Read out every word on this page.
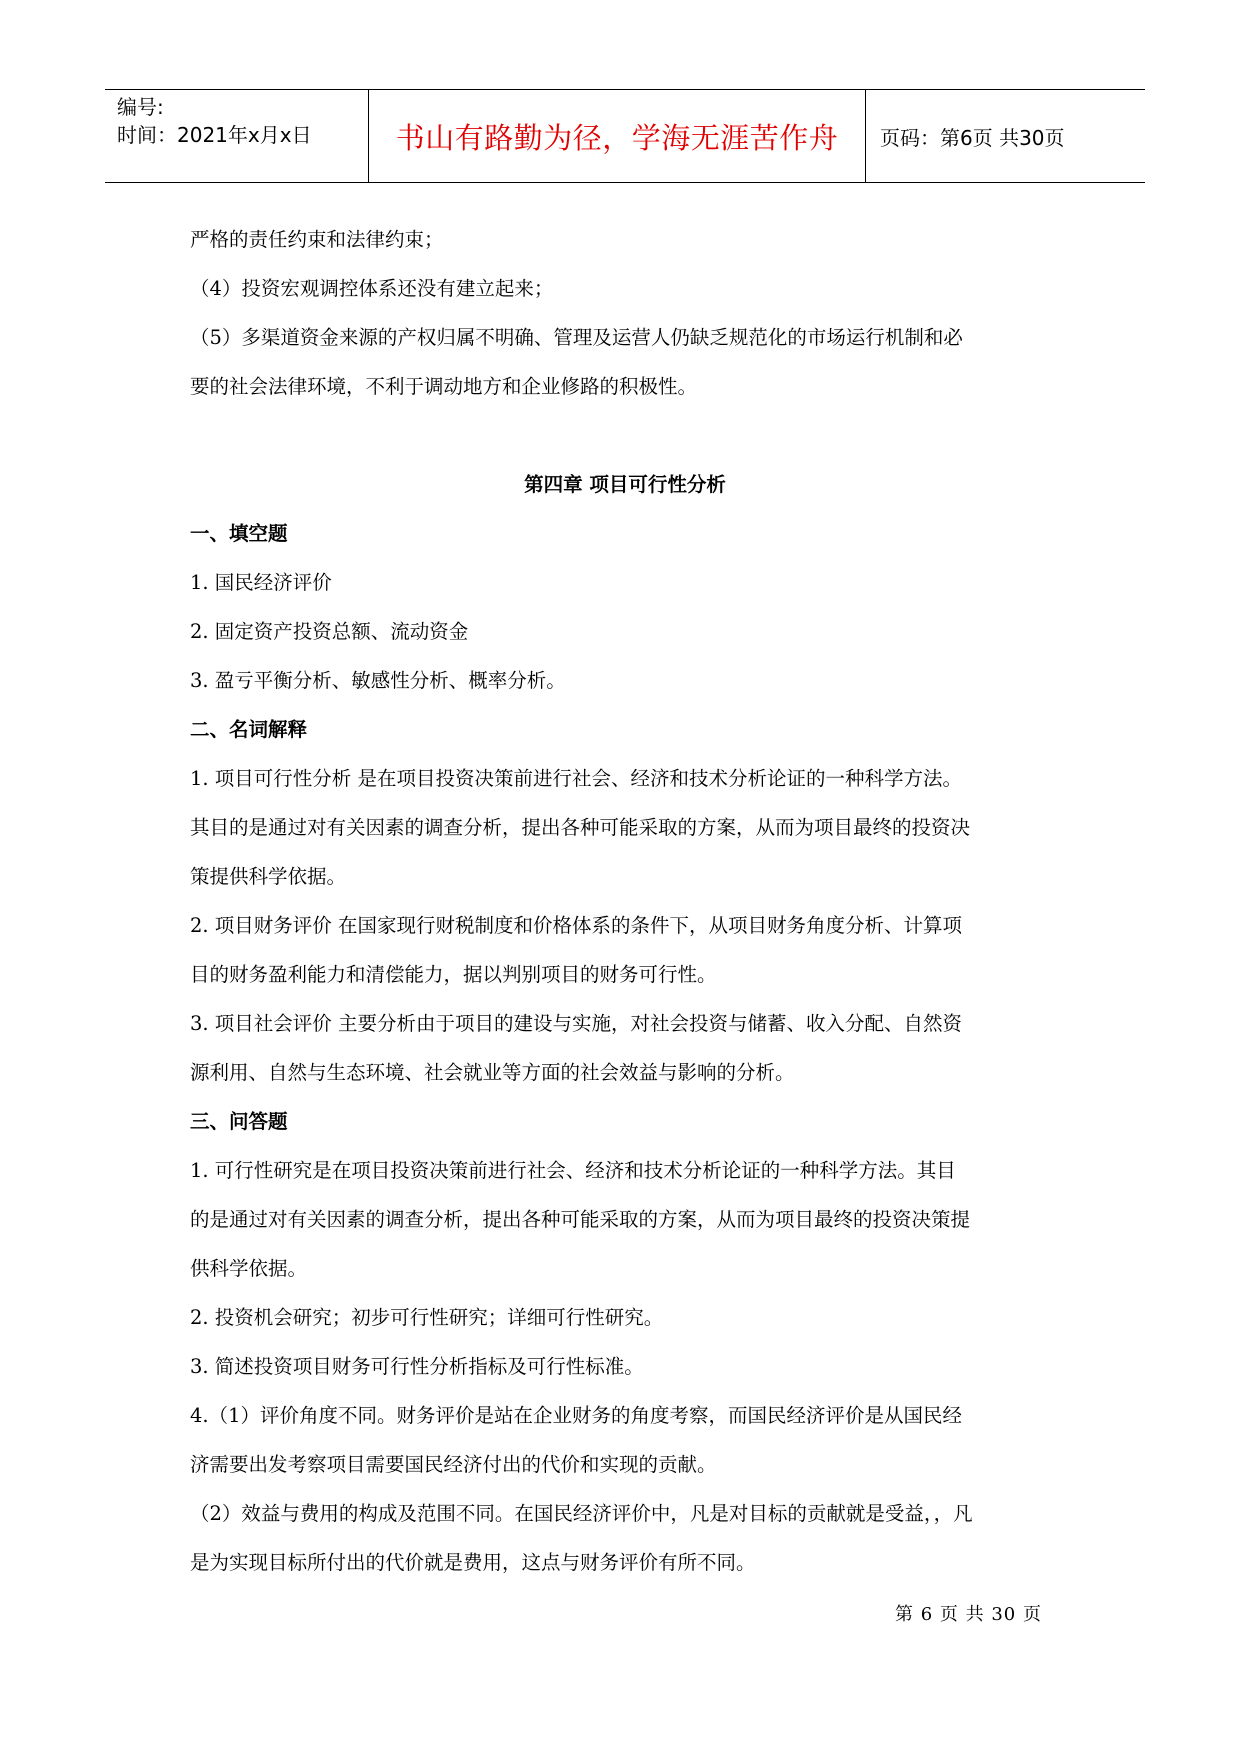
编号:
时间：2021年x月x日	书山有路勤为径，学海无涯苦作舟	页码：第6页 共30页

严格的责任约束和法律约束；

（4）投资宏观调控体系还没有建立起来；

（5）多渠道资金来源的产权归属不明确、管理及运营人仍缺乏规范化的市场运行机制和必

要的社会法律环境，不利于调动地方和企业修路的积极性。

第四章 项目可行性分析

一、填空题

1. 国民经济评价

2. 固定资产投资总额、流动资金

3. 盈亏平衡分析、敏感性分析、概率分析。

二、名词解释

1. 项目可行性分析 是在项目投资决策前进行社会、经济和技术分析论证的一种科学方法。

其目的是通过对有关因素的调查分析，提出各种可能采取的方案，从而为项目最终的投资决

策提供科学依据。

2. 项目财务评价 在国家现行财税制度和价格体系的条件下，从项目财务角度分析、计算项

目的财务盈利能力和清偿能力，据以判别项目的财务可行性。

3. 项目社会评价 主要分析由于项目的建设与实施，对社会投资与储蓄、收入分配、自然资

源利用、自然与生态环境、社会就业等方面的社会效益与影响的分析。

三、问答题

1. 可行性研究是在项目投资决策前进行社会、经济和技术分析论证的一种科学方法。其目

的是通过对有关因素的调查分析，提出各种可能采取的方案，从而为项目最终的投资决策提

供科学依据。

2. 投资机会研究；初步可行性研究；详细可行性研究。

3. 简述投资项目财务可行性分析指标及可行性标准。

4.（1）评价角度不同。财务评价是站在企业财务的角度考察，而国民经济评价是从国民经

济需要出发考察项目需要国民经济付出的代价和实现的贡献。

（2）效益与费用的构成及范围不同。在国民经济评价中，凡是对目标的贡献就是受益，，凡

是为实现目标所付出的代价就是费用，这点与财务评价有所不同。

第 6 页 共 30 页
